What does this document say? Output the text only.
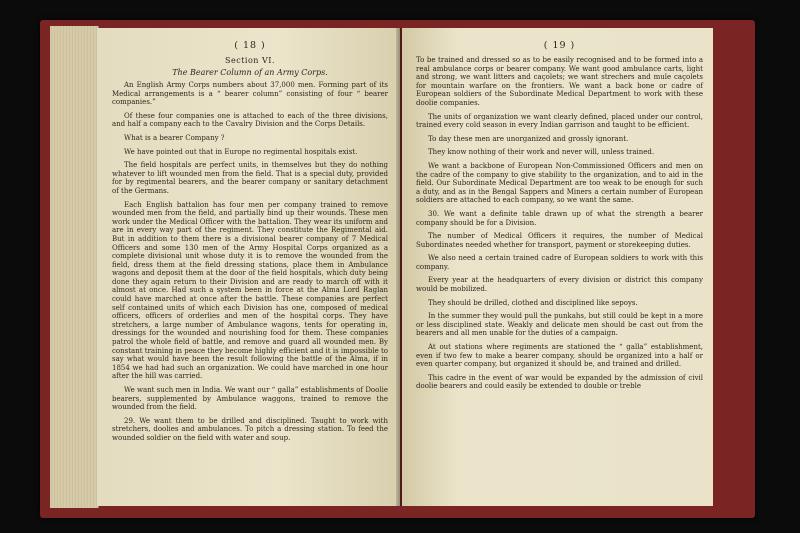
( 18 )
Section VI.
The Bearer Column of an Army Corps.

An English Army Corps numbers about 37,000 men. Forming part of its Medical arrangements is a “ bearer column” consisting of four “ bearer companies.”

Of these four companies one is attached to each of the three divisions, and half a company each to the Cavalry Division and the Corps Details.

What is a bearer Company ?

We have pointed out that in Europe no regimental hospitals exist.

The field hospitals are perfect units, in themselves but they do nothing whatever to lift wounded men from the field. That is a special duty, provided for by regimental bearers, and the bearer company or sanitary detachment of the Germans.

Each English battalion has four men per company trained to remove wounded men from the field, and partially bind up their wounds. These men work under the Medical Officer with the battalion. They wear its uniform and are in every way part of the regiment. They constitute the Regimental aid. But in addition to them there is a divisional bearer company of 7 Medical Officers and some 130 men of the Army Hospital Corps organized as a complete divisional unit whose duty it is to remove the wounded from the field, dress them at the field dressing stations, place them in Ambulance wagons and deposit them at the door of the field hospitals, which duty being done they again return to their Division and are ready to march off with it almost at once. Had such a system been in force at the Alma Lord Raglan could have marched at once after the battle. These companies are perfect self contained units of which each Division has one, composed of medical officers, officers of orderlies and men of the hospital corps. They have stretchers, a large number of Ambulance wagons, tents for operating in, dressings for the wounded and nourishing food for them. These companies patrol the whole field of battle, and remove and guard all wounded men. By constant training in peace they become highly efficient and it is impossible to say what would have been the result following the battle of the Alma, if in 1854 we had had such an organization. We could have marched in one hour after the hill was carried.

We want such men in India. We want our “ galla” establishments of Doolie bearers, supplemented by Ambulance waggons, trained to remove the wounded from the field.

29. We want them to be drilled and disciplined. Taught to work with stretchers, doolies and ambulances. To pitch a dressing station. To feed the wounded soldier on the field with water and soup.

( 19 )

To be trained and dressed so as to be easily recognised and to be formed into a real ambulance corps or bearer company. We want good ambulance carts, light and strong, we want litters and caçolets; we want strechers and mule caçolets for mountain warfare on the frontiers. We want a back bone or cadre of European soldiers of the Subordinate Medical Department to work with these doolie companies.

The units of organization we want clearly defined, placed under our control, trained every cold season in every Indian garrison and taught to be efficient.

To day these men are unorganized and grossly ignorant.

They know nothing of their work and never will, unless trained.

We want a backbone of European Non-Commissioned Officers and men on the cadre of the company to give stability to the organization, and to aid in the field. Our Subordinate Medical Department are too weak to be enough for such a duty, and as in the Bengal Sappers and Miners a certain number of European soldiers are attached to each company, so we want the same.

30. We want a definite table drawn up of what the strength a bearer company should be for a Division.

The number of Medical Officers it requires, the number of Medical Subordinates needed whether for transport, payment or storekeeping duties.

We also need a certain trained cadre of European soldiers to work with this company.

Every year at the headquarters of every division or district this company would be mobilized.

They should be drilled, clothed and disciplined like sepoys.

In the summer they would pull the punkahs, but still could be kept in a more or less disciplined state. Weakly and delicate men should be cast out from the bearers and all men unable for the duties of a campaign.

At out stations where regiments are stationed the “ galla” establishment, even if two few to make a bearer company, should be organized into a half or even quarter company, but organized it should be, and trained and drilled.

This cadre in the event of war would be expanded by the admission of civil doolie bearers and could easily be extended to double or treble
